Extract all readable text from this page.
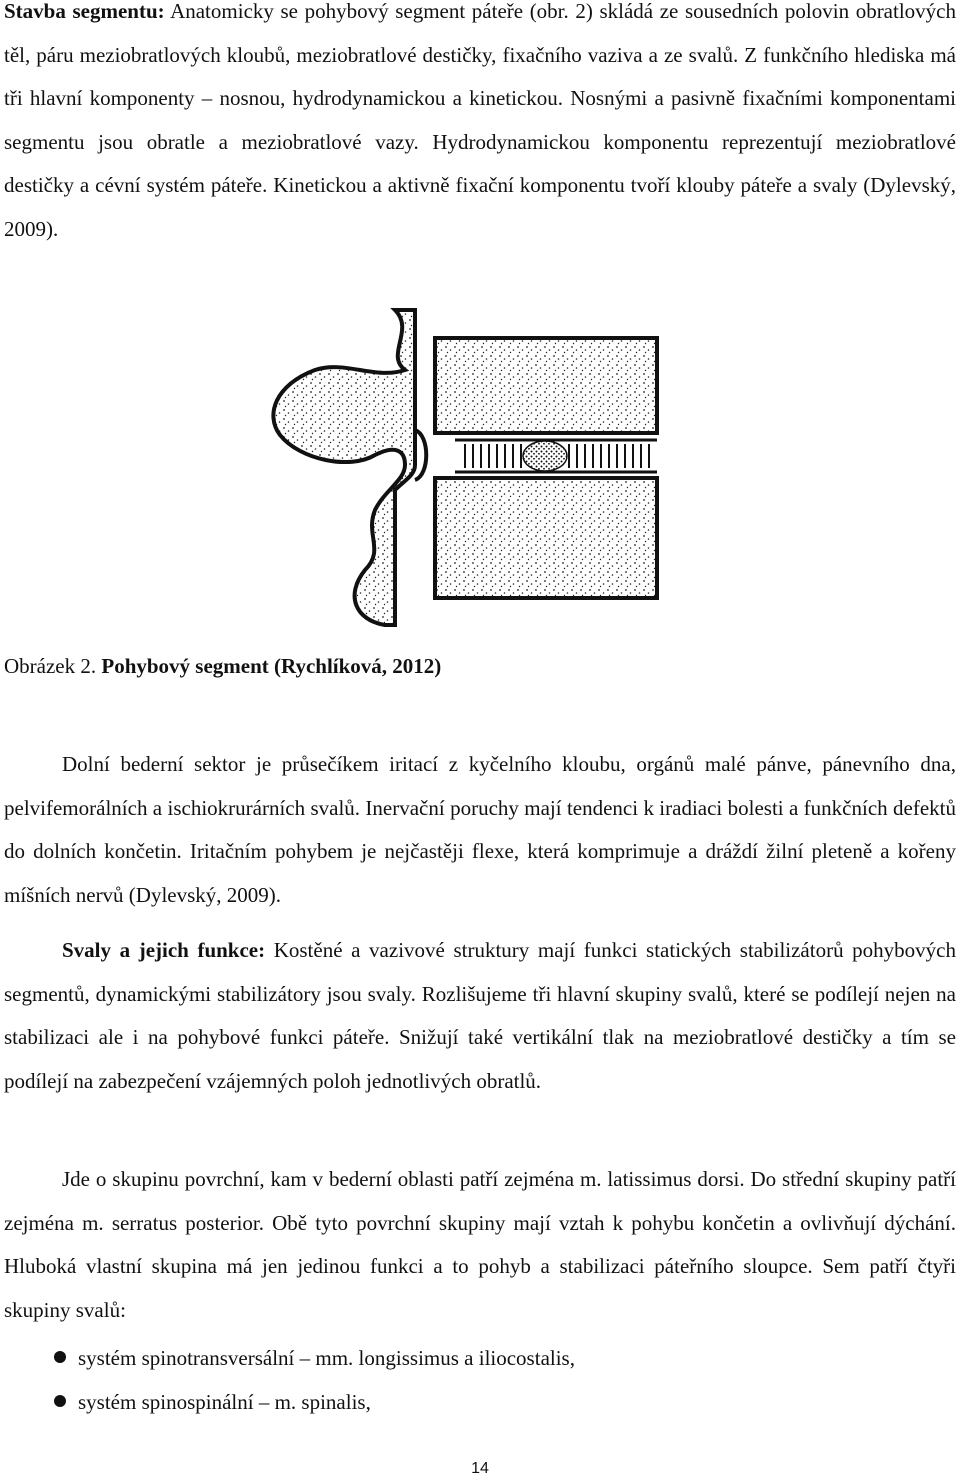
Stavba segmentu: Anatomicky se pohybový segment páteře (obr. 2) skládá ze sousedních polovin obratlových těl, páru meziobratlových kloubů, meziobratlové destičky, fixačního vaziva a ze svalů. Z funkčního hlediska má tři hlavní komponenty – nosnou, hydrodynamickou a kinetickou. Nosnými a pasivně fixačními komponentami segmentu jsou obratle a meziobratlové vazy. Hydrodynamickou komponentu reprezentují meziobratlové destičky a cévní systém páteře. Kinetickou a aktivně fixační komponentu tvoří klouby páteře a svaly (Dylevský, 2009).

Obrázek 2. Pohybový segment (Rychlíková, 2012)

Dolní bederní sektor je průsečíkem iritací z kyčelního kloubu, orgánů malé pánve, pánevního dna, pelvifemorálních a ischiokrurárních svalů. Inervační poruchy mají tendenci k iradiaci bolesti a funkčních defektů do dolních končetin. Iritačním pohybem je nejčastěji flexe, která komprimuje a dráždí žilní pleteně a kořeny míšních nervů (Dylevský, 2009).

Svaly a jejich funkce: Kostěné a vazivové struktury mají funkci statických stabilizátorů pohybových segmentů, dynamickými stabilizátory jsou svaly. Rozlišujeme tři hlavní skupiny svalů, které se podílejí nejen na stabilizaci ale i na pohybové funkci páteře. Snižují také vertikální tlak na meziobratlové destičky a tím se podílejí na zabezpečení vzájemných poloh jednotlivých obratlů.

Jde o skupinu povrchní, kam v bederní oblasti patří zejména m. latissimus dorsi. Do střední skupiny patří zejména m. serratus posterior. Obě tyto povrchní skupiny mají vztah k pohybu končetin a ovlivňují dýchání. Hluboká vlastní skupina má jen jedinou funkci a to pohyb a stabilizaci páteřního sloupce. Sem patří čtyři skupiny svalů:

systém spinotransversální – mm. longissimus a iliocostalis,
systém spinospinální – m. spinalis,
14
